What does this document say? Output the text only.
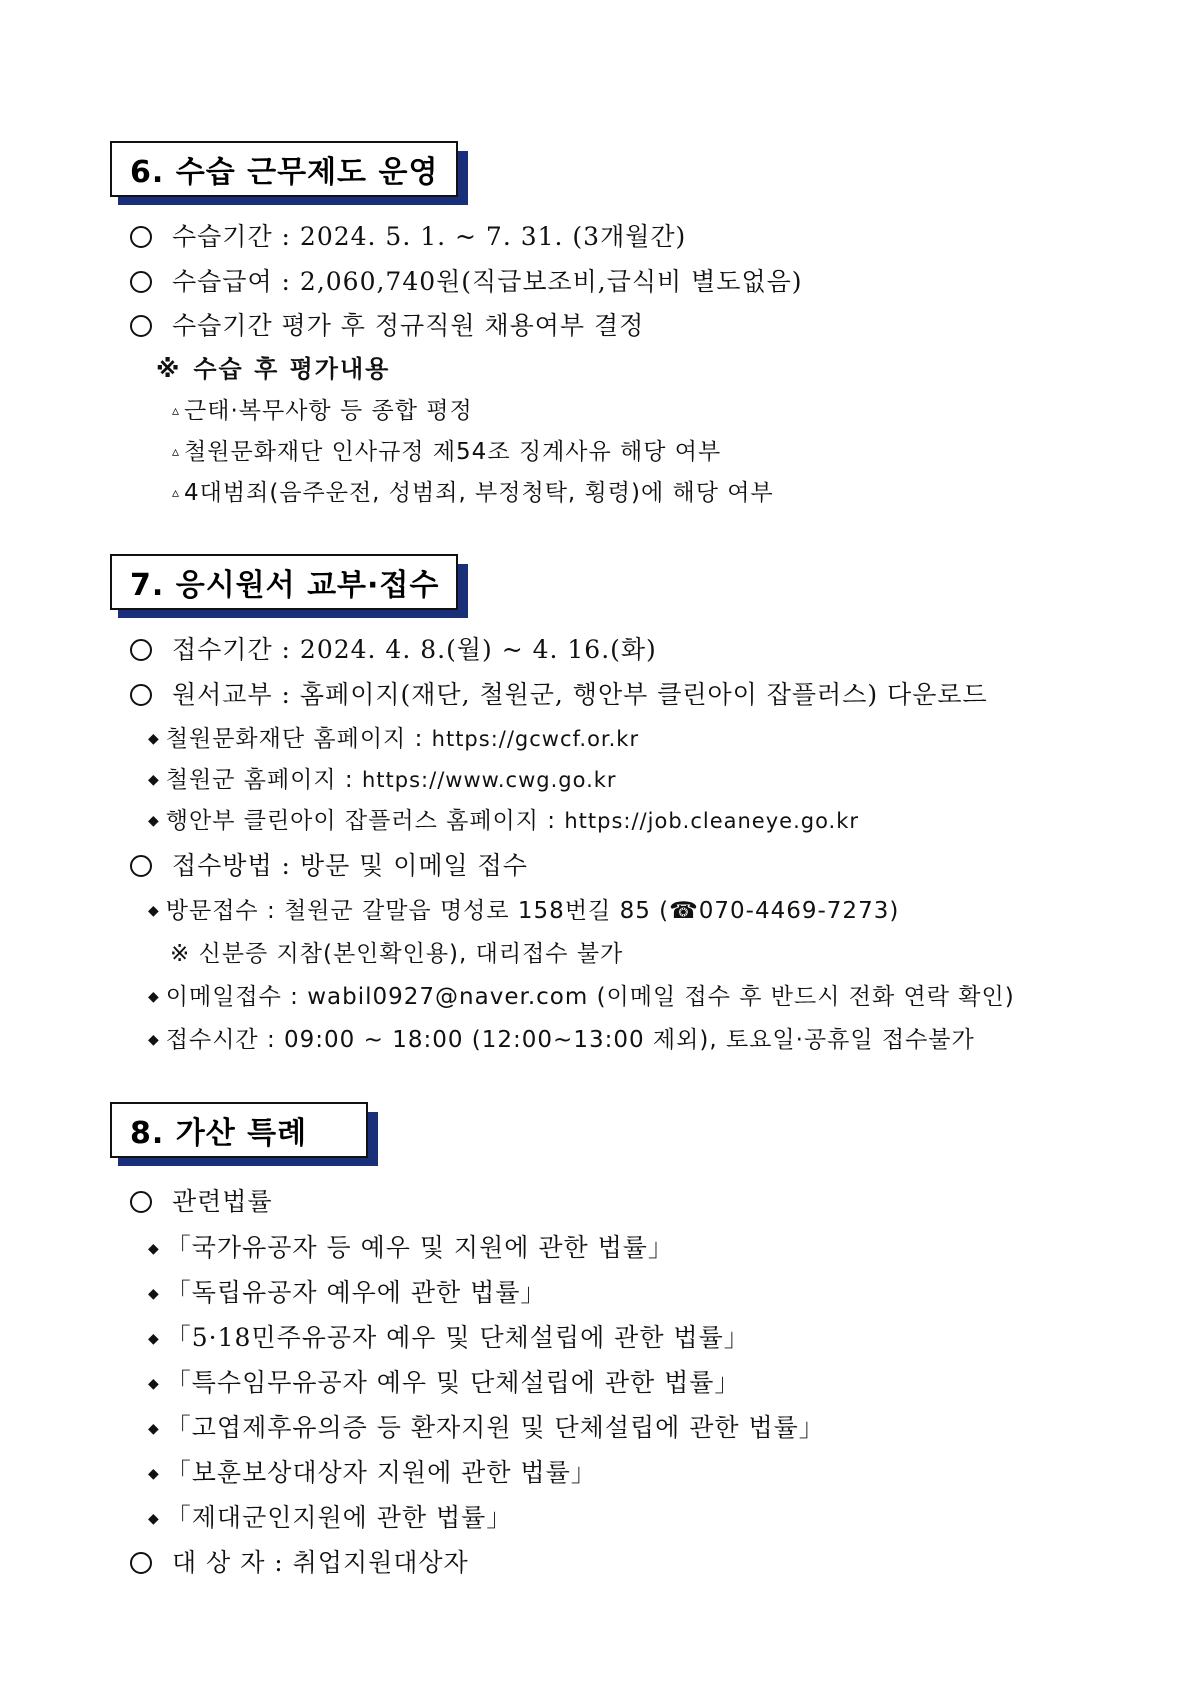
6. 수습 근무제도 운영
수습기간 : 2024. 5. 1. ~ 7. 31. (3개월간)
수습급여 : 2,060,740원(직급보조비,급식비 별도없음)
수습기간 평가 후 정규직원 채용여부 결정
※ 수습 후 평가내용
▵ 근태·복무사항 등 종합 평정
▵ 철원문화재단 인사규정 제54조 징계사유 해당 여부
▵ 4대범죄(음주운전, 성범죄, 부정청탁, 횡령)에 해당 여부
7. 응시원서 교부·접수
접수기간 : 2024. 4. 8.(월) ~ 4. 16.(화)
원서교부 : 홈페이지(재단, 철원군, 행안부 클린아이 잡플러스) 다운로드
◆ 철원문화재단 홈페이지 : https://gcwcf.or.kr
◆ 철원군 홈페이지 : https://www.cwg.go.kr
◆ 행안부 클린아이 잡플러스 홈페이지 : https://job.cleaneye.go.kr
접수방법 : 방문 및 이메일 접수
◆ 방문접수 : 철원군 갈말읍 명성로 158번길 85 (☎070-4469-7273)
※ 신분증 지참(본인확인용), 대리접수 불가
◆ 이메일접수 : wabil0927@naver.com (이메일 접수 후 반드시 전화 연락 확인)
◆ 접수시간 : 09:00 ~ 18:00 (12:00~13:00 제외), 토요일·공휴일 접수불가
8. 가산 특례
관련법률
◆ 「국가유공자 등 예우 및 지원에 관한 법률」
◆ 「독립유공자 예우에 관한 법률」
◆ 「5·18민주유공자 예우 및 단체설립에 관한 법률」
◆ 「특수임무유공자 예우 및 단체설립에 관한 법률」
◆ 「고엽제후유의증 등 환자지원 및 단체설립에 관한 법률」
◆ 「보훈보상대상자 지원에 관한 법률」
◆ 「제대군인지원에 관한 법률」
대 상 자 : 취업지원대상자
